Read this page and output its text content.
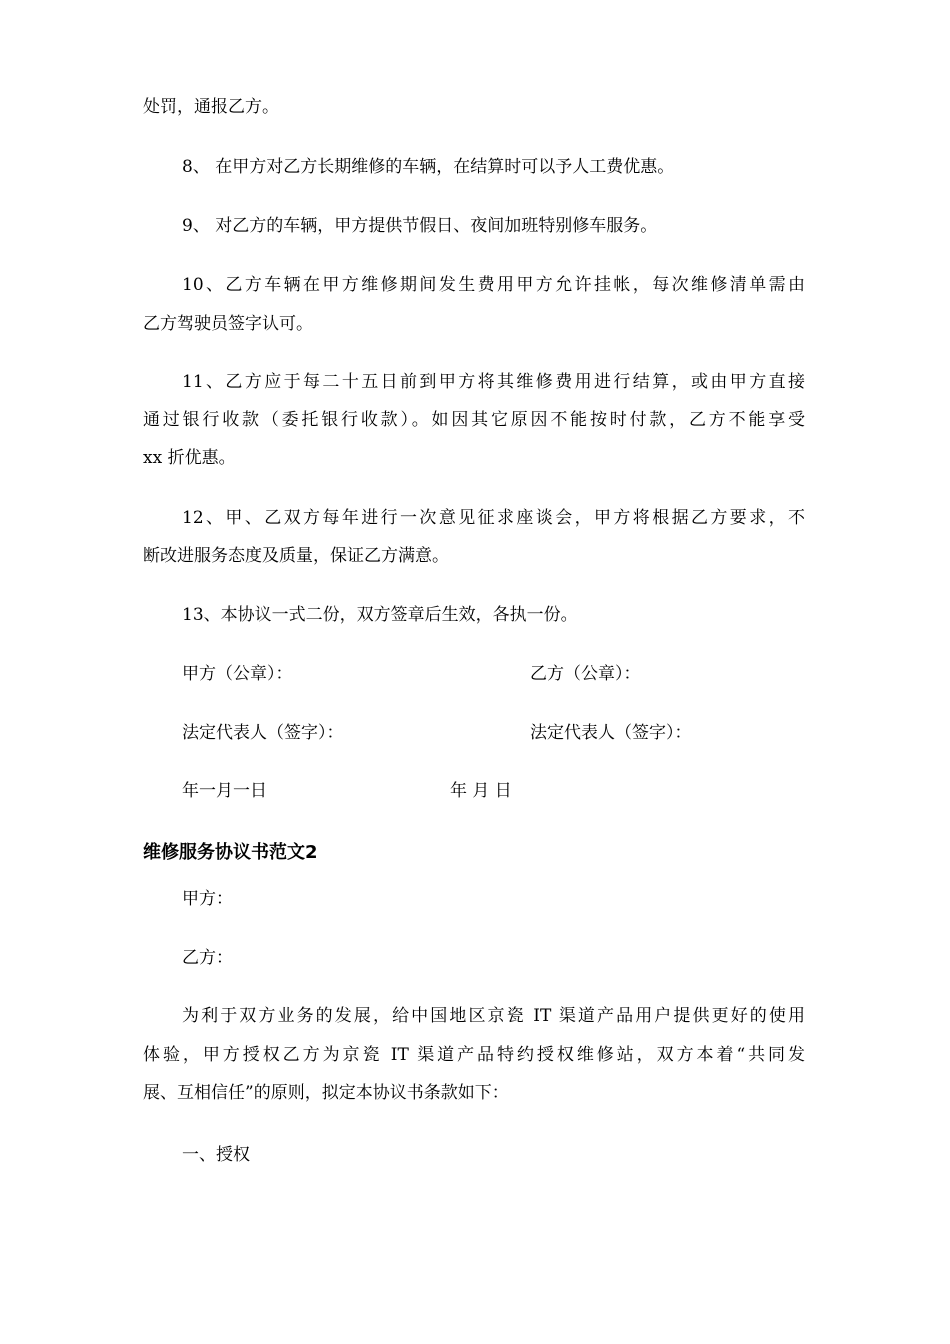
处罚，通报乙方。
8、 在甲方对乙方长期维修的车辆，在结算时可以予人工费优惠。
9、 对乙方的车辆，甲方提供节假日、夜间加班特别修车服务。
10、乙方车辆在甲方维修期间发生费用甲方允许挂帐，每次维修清单需由
乙方驾驶员签字认可。
11、乙方应于每二十五日前到甲方将其维修费用进行结算，或由甲方直接
通过银行收款（委托银行收款）。如因其它原因不能按时付款，乙方不能享受
xx 折优惠。
12、甲、乙双方每年进行一次意见征求座谈会，甲方将根据乙方要求，不
断改进服务态度及质量，保证乙方满意。
13、本协议一式二份，双方签章后生效，各执一份。
甲方（公章）：	乙方（公章）：
法定代表人（签字）：	法定代表人（签字）：
年一月一日	年 月 日
维修服务协议书范文2
甲方：
乙方：
为利于双方业务的发展，给中国地区京瓷 IT 渠道产品用户提供更好的使用
体验，甲方授权乙方为京瓷 IT 渠道产品特约授权维修站，双方本着“共同发
展、互相信任”的原则，拟定本协议书条款如下：
一、授权
